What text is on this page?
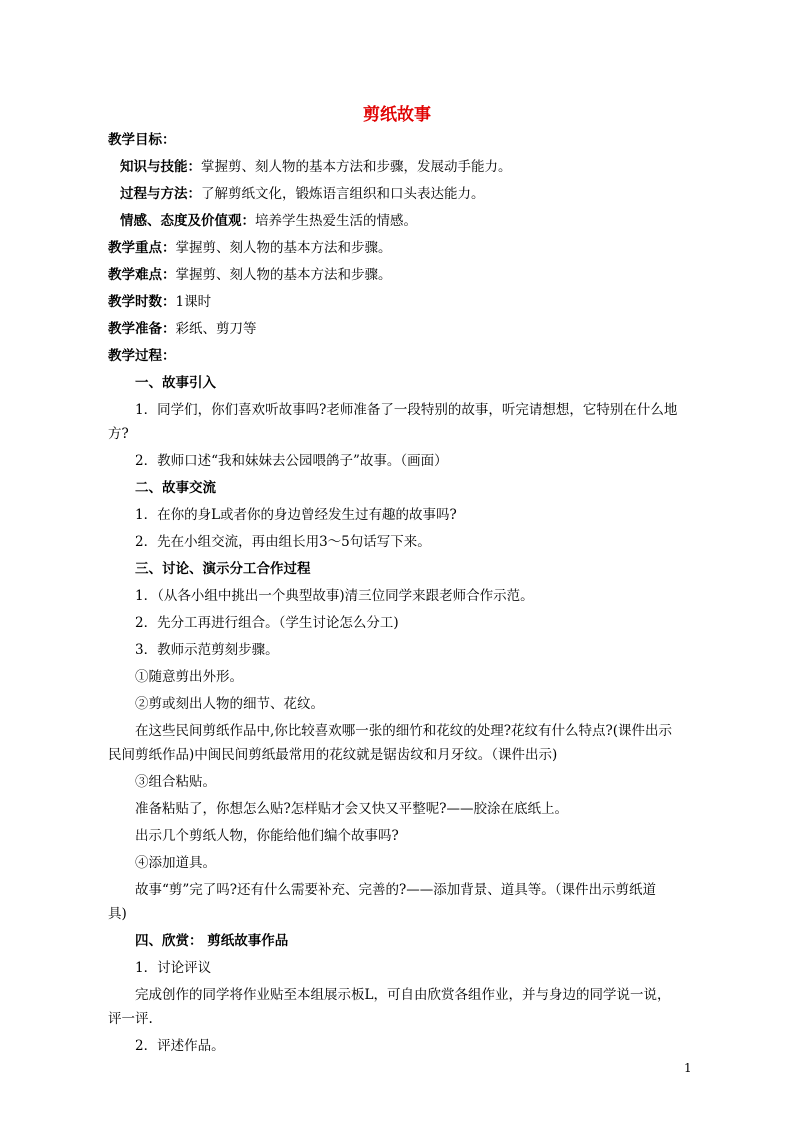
剪纸故事
教学目标：
知识与技能：掌握剪、刻人物的基本方法和步骤，发展动手能力。
过程与方法：了解剪纸文化，锻炼语言组织和口头表达能力。
情感、态度及价值观：培养学生热爱生活的情感。
教学重点：掌握剪、刻人物的基本方法和步骤。
教学难点：掌握剪、刻人物的基本方法和步骤。
教学时数：1课时
教学准备：彩纸、剪刀等
教学过程：
一、故事引入
1．同学们，你们喜欢听故事吗?老师准备了一段特别的故事，听完请想想，它特别在什么地
方?
2．教师口述“我和妹妹去公园喂鸽子”故事。（画面）
二、故事交流
1．在你的身L或者你的身边曾经发生过有趣的故事吗?
2．先在小组交流，再由组长用3～5句话写下来。
三、讨论、演示分工合作过程
1．（从各小组中挑出一个典型故事)清三位同学来跟老师合作示范。
2．先分工再进行组合。（学生讨论怎么分工)
3．教师示范剪刻步骤。
①随意剪出外形。
②剪或刻出人物的细节、花纹。
在这些民间剪纸作品中,你比较喜欢哪一张的细竹和花纹的处理?花纹有什么特点?(课件出示
民间剪纸作品)中闽民间剪纸最常用的花纹就是锯齿纹和月牙纹。（课件出示)
③组合粘贴。
准备粘贴了，你想怎么贴?怎样贴才会又快又平整呢?——胶涂在底纸上。
出示几个剪纸人物，你能给他们编个故事吗?
④添加道具。
故事“剪”完了吗?还有什么需要补充、完善的?——添加背景、道具等。（课件出示剪纸道
具)
四、欣赏： 剪纸故事作品
1．讨论评议
完成创作的同学将作业贴至本组展示板L，可自由欣赏各组作业，并与身边的同学说一说，
评一评.
2．评述作品。
1
